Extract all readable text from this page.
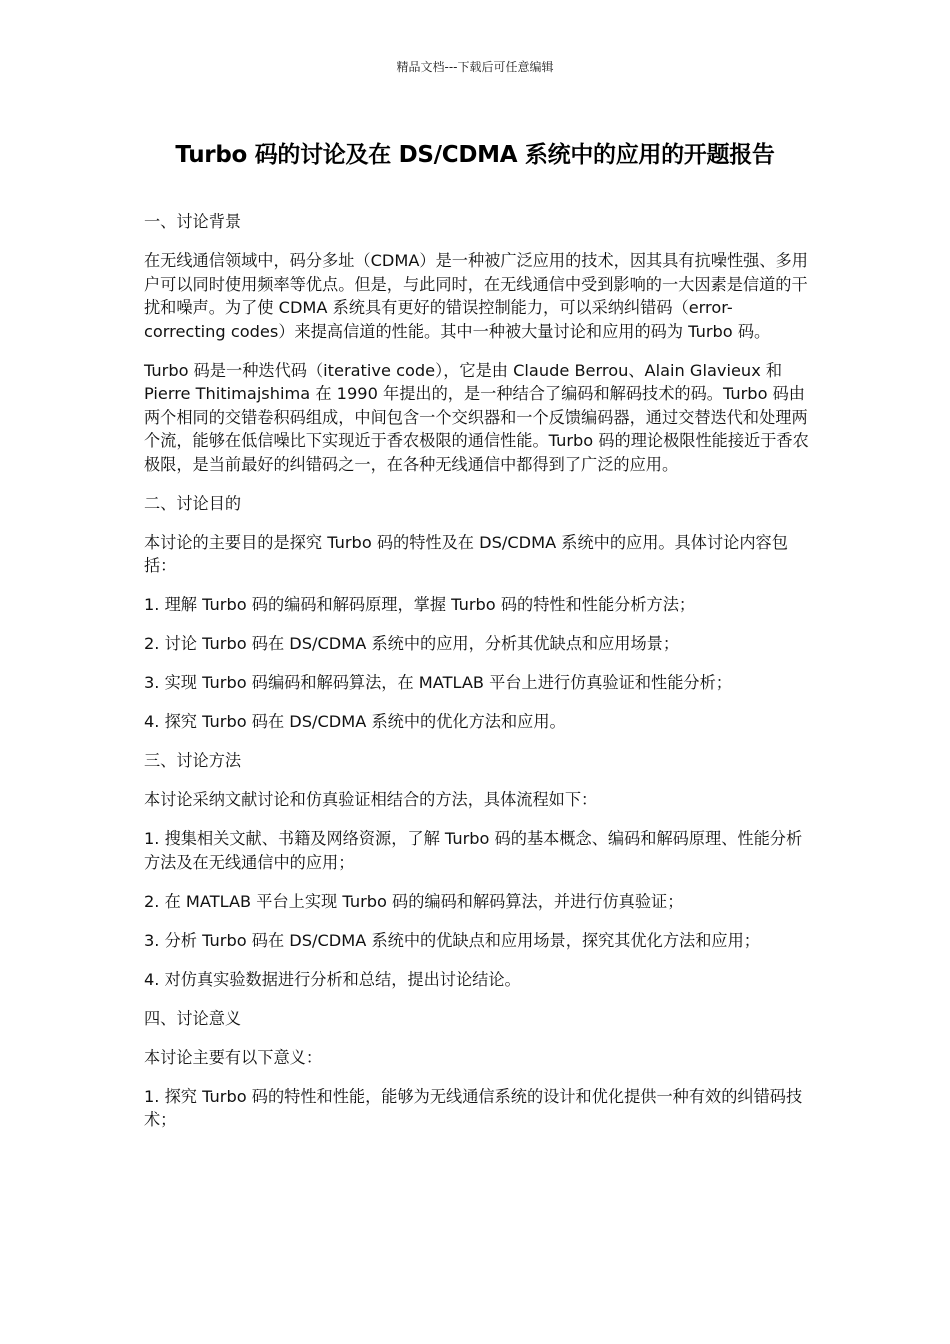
精品文档---下载后可任意编辑
Turbo 码的讨论及在 DS/CDMA 系统中的应用的开题报告

一、讨论背景

在无线通信领域中，码分多址（CDMA）是一种被广泛应用的技术，因其具有抗噪性强、多用户可以同时使用频率等优点。但是，与此同时，在无线通信中受到影响的一大因素是信道的干扰和噪声。为了使 CDMA 系统具有更好的错误控制能力，可以采纳纠错码（error-correcting codes）来提高信道的性能。其中一种被大量讨论和应用的码为 Turbo 码。

Turbo 码是一种迭代码（iterative code），它是由 Claude Berrou、Alain Glavieux 和 Pierre Thitimajshima 在 1990 年提出的，是一种结合了编码和解码技术的码。Turbo 码由两个相同的交错卷积码组成，中间包含一个交织器和一个反馈编码器，通过交替迭代和处理两个流，能够在低信噪比下实现近于香农极限的通信性能。Turbo 码的理论极限性能接近于香农极限，是当前最好的纠错码之一，在各种无线通信中都得到了广泛的应用。

二、讨论目的

本讨论的主要目的是探究 Turbo 码的特性及在 DS/CDMA 系统中的应用。具体讨论内容包括：

1. 理解 Turbo 码的编码和解码原理，掌握 Turbo 码的特性和性能分析方法；

2. 讨论 Turbo 码在 DS/CDMA 系统中的应用，分析其优缺点和应用场景；

3. 实现 Turbo 码编码和解码算法，在 MATLAB 平台上进行仿真验证和性能分析；

4. 探究 Turbo 码在 DS/CDMA 系统中的优化方法和应用。

三、讨论方法

本讨论采纳文献讨论和仿真验证相结合的方法，具体流程如下：

1. 搜集相关文献、书籍及网络资源，了解 Turbo 码的基本概念、编码和解码原理、性能分析方法及在无线通信中的应用；

2. 在 MATLAB 平台上实现 Turbo 码的编码和解码算法，并进行仿真验证；

3. 分析 Turbo 码在 DS/CDMA 系统中的优缺点和应用场景，探究其优化方法和应用；

4. 对仿真实验数据进行分析和总结，提出讨论结论。

四、讨论意义

本讨论主要有以下意义：

1. 探究 Turbo 码的特性和性能，能够为无线通信系统的设计和优化提供一种有效的纠错码技术；
